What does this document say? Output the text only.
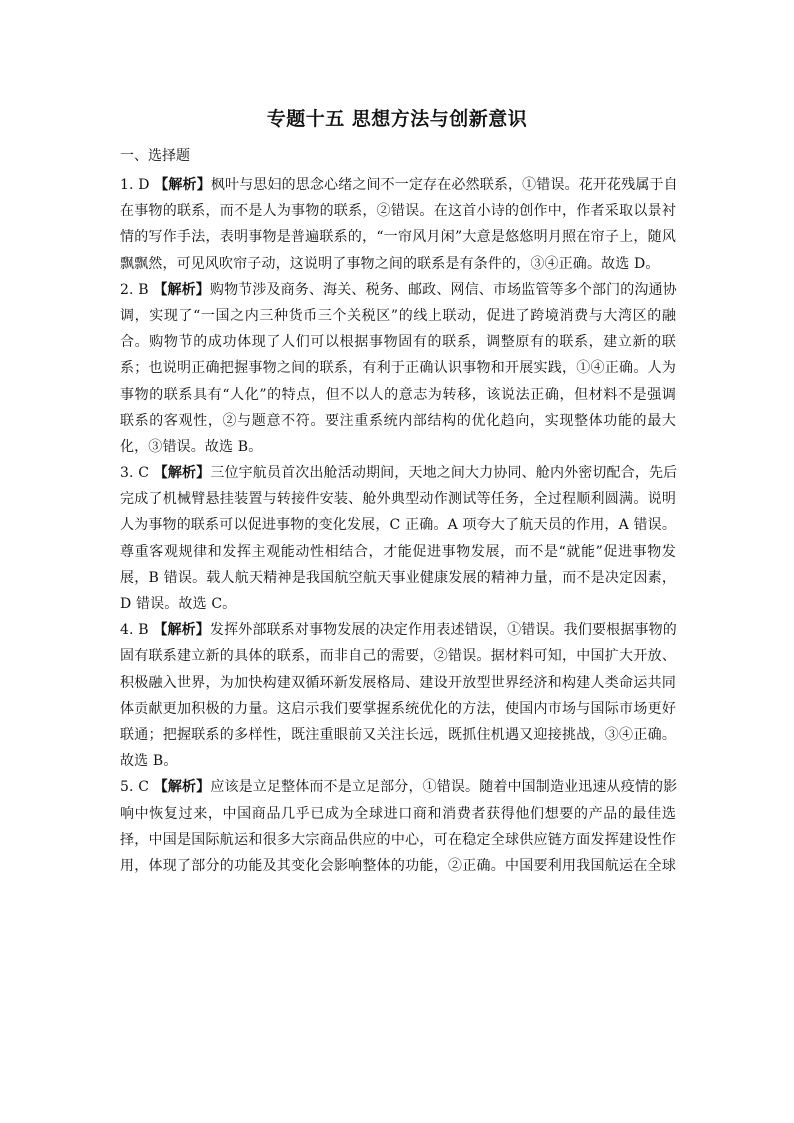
专题十五 思想方法与创新意识
一、选择题
1. D 【解析】枫叶与思妇的思念心绪之间不一定存在必然联系，①错误。花开花残属于自
在事物的联系，而不是人为事物的联系，②错误。在这首小诗的创作中，作者采取以景衬
情的写作手法，表明事物是普遍联系的，“一帘风月闲”大意是悠悠明月照在帘子上，随风
飘飘然，可见风吹帘子动，这说明了事物之间的联系是有条件的，③④正确。故选 D。
2. B 【解析】购物节涉及商务、海关、税务、邮政、网信、市场监管等多个部门的沟通协
调，实现了“一国之内三种货币三个关税区”的线上联动，促进了跨境消费与大湾区的融
合。购物节的成功体现了人们可以根据事物固有的联系，调整原有的联系，建立新的联
系；也说明正确把握事物之间的联系，有利于正确认识事物和开展实践，①④正确。人为
事物的联系具有“人化”的特点，但不以人的意志为转移，该说法正确，但材料不是强调
联系的客观性，②与题意不符。要注重系统内部结构的优化趋向，实现整体功能的最大
化，③错误。故选 B。
3. C 【解析】三位宇航员首次出舱活动期间，天地之间大力协同、舱内外密切配合，先后
完成了机械臂悬挂装置与转接件安装、舱外典型动作测试等任务，全过程顺利圆满。说明
人为事物的联系可以促进事物的变化发展，C 正确。A 项夸大了航天员的作用，A 错误。
尊重客观规律和发挥主观能动性相结合，才能促进事物发展，而不是“就能”促进事物发
展，B 错误。载人航天精神是我国航空航天事业健康发展的精神力量，而不是决定因素，
D 错误。故选 C。
4. B 【解析】发挥外部联系对事物发展的决定作用表述错误，①错误。我们要根据事物的
固有联系建立新的具体的联系，而非自己的需要，②错误。据材料可知，中国扩大开放、
积极融入世界，为加快构建双循环新发展格局、建设开放型世界经济和构建人类命运共同
体贡献更加积极的力量。这启示我们要掌握系统优化的方法，使国内市场与国际市场更好
联通；把握联系的多样性，既注重眼前又关注长远，既抓住机遇又迎接挑战，③④正确。
故选 B。
5. C 【解析】应该是立足整体而不是立足部分，①错误。随着中国制造业迅速从疫情的影
响中恢复过来，中国商品几乎已成为全球进口商和消费者获得他们想要的产品的最佳选
择，中国是国际航运和很多大宗商品供应的中心，可在稳定全球供应链方面发挥建设性作
用，体现了部分的功能及其变化会影响整体的功能，②正确。中国要利用我国航运在全球
